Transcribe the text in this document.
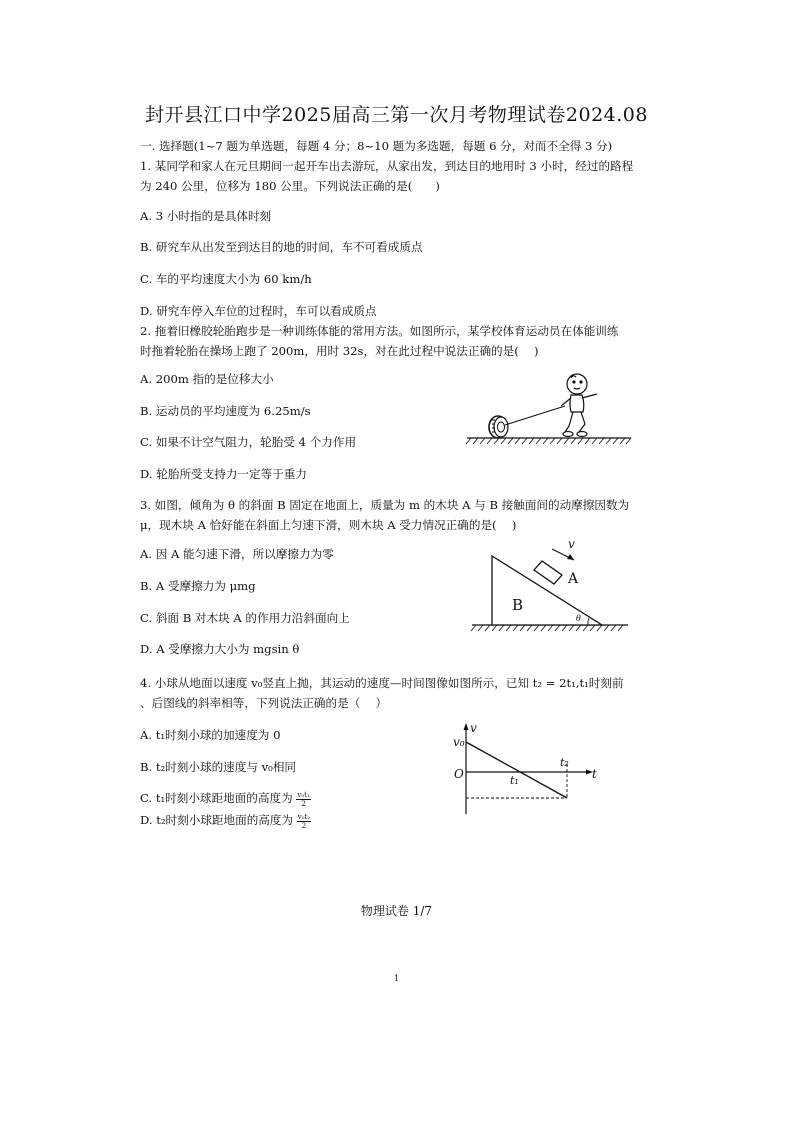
封开县江口中学2025届高三第一次月考物理试卷2024.08
一. 选择题(1~7 题为单选题，每题 4 分；8~10 题为多选题，每题 6 分，对而不全得 3 分)
1. 某同学和家人在元旦期间一起开车出去游玩，从家出发，到达目的地用时 3 小时，经过的路程
为 240 公里，位移为 180 公里。下列说法正确的是(　　)
A. 3 小时指的是具体时刻
B. 研究车从出发至到达目的地的时间，车不可看成质点
C. 车的平均速度大小为 60 km/h
D. 研究车停入车位的过程时，车可以看成质点
2. 拖着旧橡胶轮胎跑步是一种训练体能的常用方法。如图所示，某学校体育运动员在体能训练
时拖着轮胎在操场上跑了 200m，用时 32s，对在此过程中说法正确的是(　 )
A. 200m 指的是位移大小
B. 运动员的平均速度为 6.25m/s
C. 如果不计空气阻力，轮胎受 4 个力作用
D. 轮胎所受支持力一定等于重力
3. 如图，倾角为 θ 的斜面 B 固定在地面上，质量为 m 的木块 A 与 B 接触面间的动摩擦因数为
μ，现木块 A 恰好能在斜面上匀速下滑，则木块 A 受力情况正确的是(　 )
A. 因 A 能匀速下滑，所以摩擦力为零
B. A 受摩擦力为 μmg
C. 斜面 B 对木块 A 的作用力沿斜面向上
D. A 受摩擦力大小为 mgsin θ
θ
A
B
v
4. 小球从地面以速度 v₀竖直上抛，其运动的速度—时间图像如图所示，已知 t₂ = 2t₁,t₁时刻前
、后图线的斜率相等，下列说法正确的是（　 ）
A. t₁时刻小球的加速度为 0
B. t₂时刻小球的速度与 v₀相同
C. t₁时刻小球距地面的高度为 $\frac{\text{v₀t₁}}{2}$
D. t₂时刻小球距地面的高度为 $\frac{\text{v₀t₂}}{2}$
v₀
v
O	t
t₁
t₂
物理试卷 1/7
1
